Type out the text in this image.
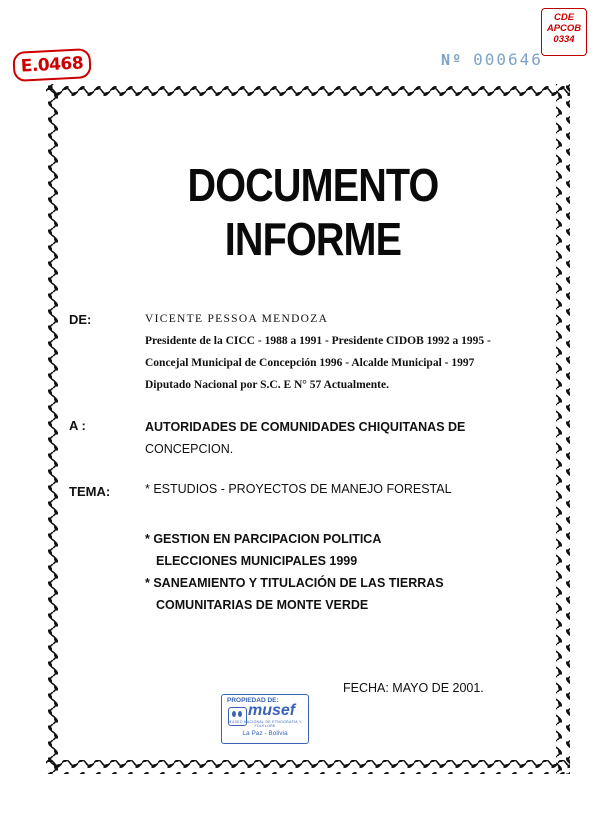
CDE
APCOB
0334
E.0468	Nº 000646
DOCUMENTO INFORME
DE:	VICENTE PESSOA MENDOZA
Presidente de la CICC - 1988 a 1991 - Presidente CIDOB 1992 a 1995 -
Concejal Municipal de Concepción 1996 - Alcalde Municipal - 1997
Diputado Nacional por S.C. E N° 57 Actualmente.
A :	AUTORIDADES DE COMUNIDADES CHIQUITANAS DE
CONCEPCION.
TEMA:	* ESTUDIOS - PROYECTOS DE MANEJO FORESTAL
* GESTION EN PARCIPACION POLITICA
ELECCIONES MUNICIPALES 1999
* SANEAMIENTO Y TITULACIÓN DE LAS TIERRAS
COMUNITARIAS DE MONTE VERDE
FECHA: MAYO DE 2001.
PROPIEDAD DE:
musef
MUSEO NACIONAL DE ETNOGRAFIA Y FOLKLORE
La Paz - Bolivia
